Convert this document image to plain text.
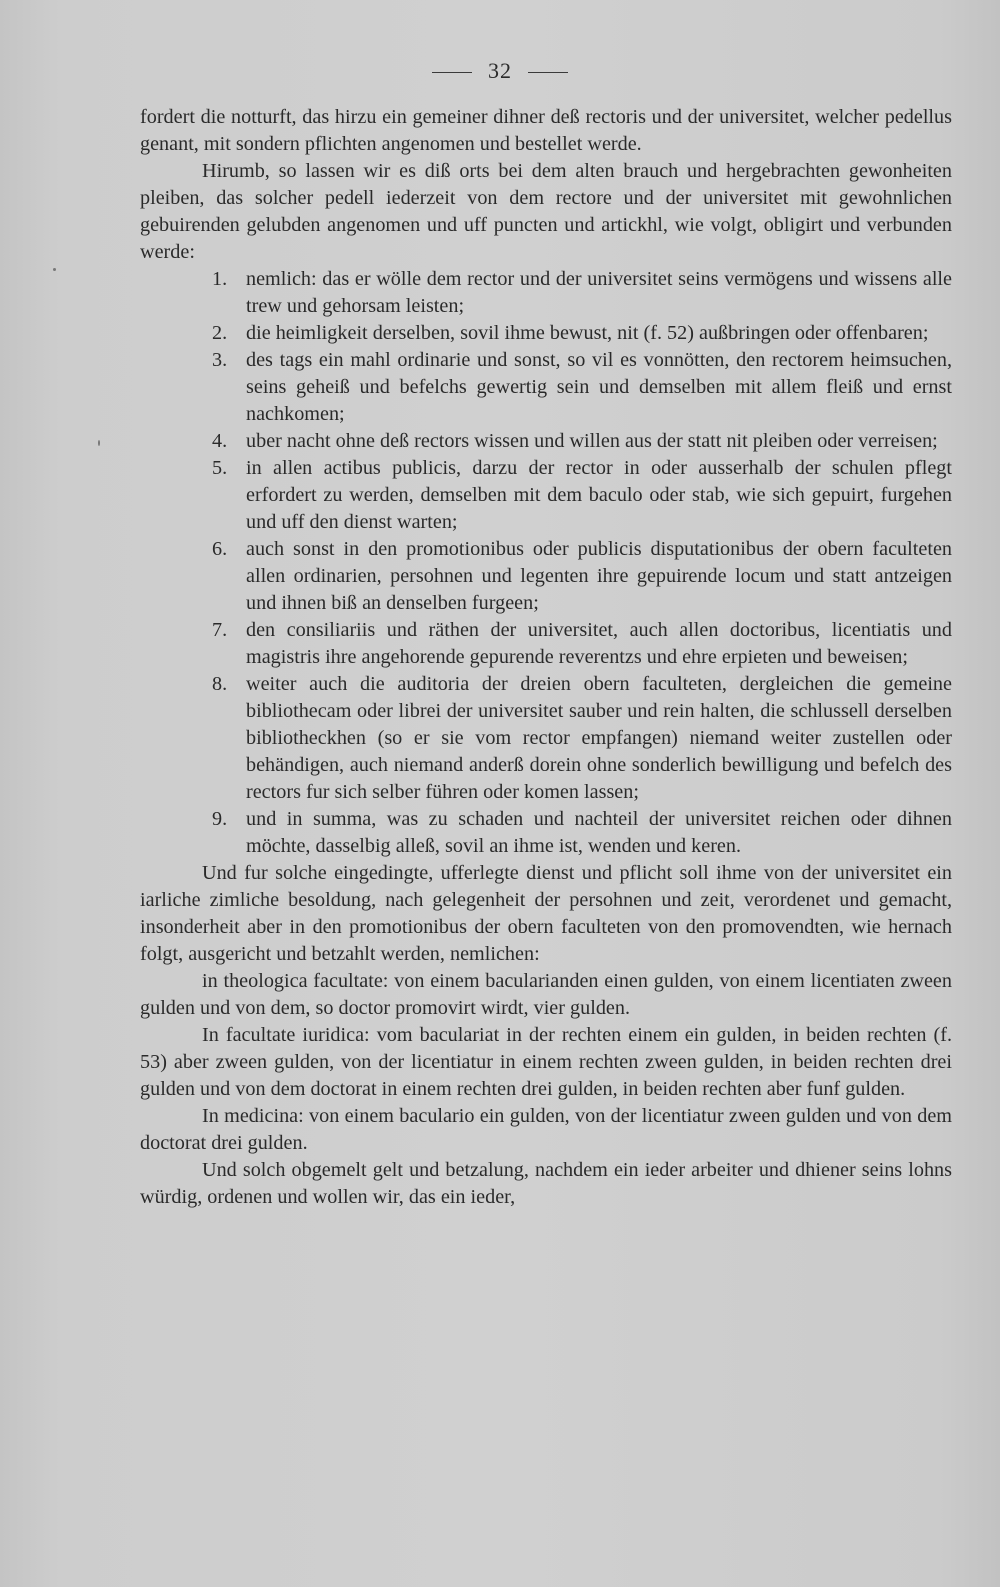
32

fordert die notturft, das hirzu ein gemeiner dihner deß rectoris und der universitet, welcher pedellus genant, mit sondern pflichten angenomen und bestellet werde.

Hirumb, so lassen wir es diß orts bei dem alten brauch und hergebrachten gewonheiten pleiben, das solcher pedell iederzeit von dem rectore und der universitet mit gewohnlichen gebuirenden gelubden angenomen und uff puncten und artickhl, wie volgt, obligirt und verbunden werde:

1. nemlich: das er wölle dem rector und der universitet seins vermögens und wissens alle trew und gehorsam leisten;
2. die heimligkeit derselben, sovil ihme bewust, nit (f. 52) außbringen oder offenbaren;
3. des tags ein mahl ordinarie und sonst, so vil es vonnötten, den rectorem heimsuchen, seins geheiß und befelchs gewertig sein und demselben mit allem fleiß und ernst nachkomen;
4. uber nacht ohne deß rectors wissen und willen aus der statt nit pleiben oder verreisen;
5. in allen actibus publicis, darzu der rector in oder ausserhalb der schulen pflegt erfordert zu werden, demselben mit dem baculo oder stab, wie sich gepuirt, furgehen und uff den dienst warten;
6. auch sonst in den promotionibus oder publicis disputationibus der obern faculteten allen ordinarien, persohnen und legenten ihre gepuirende locum und statt antzeigen und ihnen biß an denselben furgeen;
7. den consiliariis und räthen der universitet, auch allen doctoribus, licentiatis und magistris ihre angehorende gepurende reverentzs und ehre erpieten und beweisen;
8. weiter auch die auditoria der dreien obern faculteten, dergleichen die gemeine bibliothecam oder librei der universitet sauber und rein halten, die schlussell derselben bibliotheckhen (so er sie vom rector empfangen) niemand weiter zustellen oder behändigen, auch niemand anderß dorein ohne sonderlich bewilligung und befelch des rectors fur sich selber führen oder komen lassen;
9. und in summa, was zu schaden und nachteil der universitet reichen oder dihnen möchte, dasselbig alleß, sovil an ihme ist, wenden und keren.

Und fur solche eingedingte, ufferlegte dienst und pflicht soll ihme von der universitet ein iarliche zimliche besoldung, nach gelegenheit der persohnen und zeit, verordenet und gemacht, insonderheit aber in den promotionibus der obern faculteten von den promovendten, wie hernach folgt, ausgericht und betzahlt werden, nemlichen:

in theologica facultate: von einem bacularianden einen gulden, von einem licentiaten zween gulden und von dem, so doctor promovirt wirdt, vier gulden.

In facultate iuridica: vom baculariat in der rechten einem ein gulden, in beiden rechten (f. 53) aber zween gulden, von der licentiatur in einem rechten zween gulden, in beiden rechten drei gulden und von dem doctorat in einem rechten drei gulden, in beiden rechten aber funf gulden.

In medicina: von einem baculario ein gulden, von der licentiatur zween gulden und von dem doctorat drei gulden.

Und solch obgemelt gelt und betzalung, nachdem ein ieder arbeiter und dhiener seins lohns würdig, ordenen und wollen wir, das ein ieder,
